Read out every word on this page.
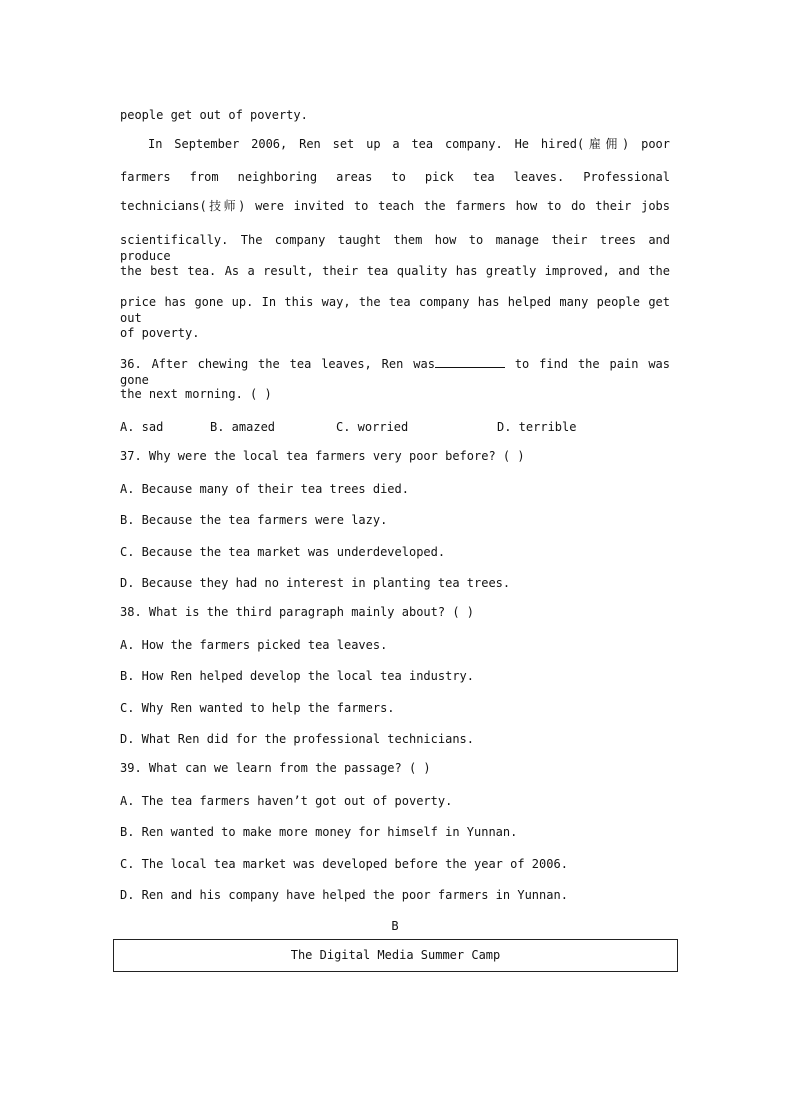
people get out of poverty.
In September 2006, Ren set up a tea company. He hired(雇佣) poor
farmers from neighboring areas to pick tea leaves. Professional
technicians(技师) were invited to teach the farmers how to do their jobs
scientifically. The company taught them how to manage their trees and produce
the best tea. As a result, their tea quality has greatly improved, and the
price has gone up. In this way, the tea company has helped many people get out
of poverty.
36. After chewing the tea leaves, Ren was	to find the pain was gone
the next morning. ( )
A. sad	B. amazed	C. worried	D. terrible
37. Why were the local tea farmers very poor before? ( )
A. Because many of their tea trees died.
B. Because the tea farmers were lazy.
C. Because the tea market was underdeveloped.
D. Because they had no interest in planting tea trees.
38. What is the third paragraph mainly about? ( )
A. How the farmers picked tea leaves.
B. How Ren helped develop the local tea industry.
C. Why Ren wanted to help the farmers.
D. What Ren did for the professional technicians.
39. What can we learn from the passage? ( )
A. The tea farmers haven’t got out of poverty.
B. Ren wanted to make more money for himself in Yunnan.
C. The local tea market was developed before the year of 2006.
D. Ren and his company have helped the poor farmers in Yunnan.
B
The Digital Media Summer Camp
